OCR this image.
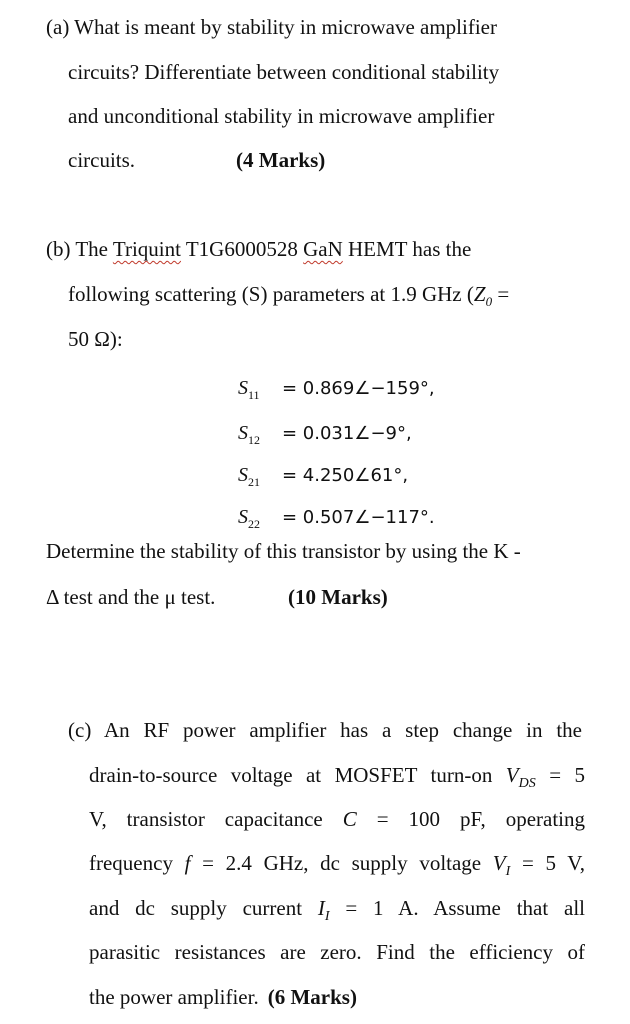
(a) What is meant by stability in microwave amplifier
circuits? Differentiate between conditional stability
and unconditional stability in microwave amplifier
circuits.	(4 Marks)
(b) The Triquint T1G6000528 GaN HEMT has the
following scattering (S) parameters at 1.9 GHz ($Z_0$ =
50 Ω):
$S_{11}$ = 0.869∠−159°,
$S_{12}$ = 0.031∠−9°,
$S_{21}$ = 4.250∠61°,
$S_{22}$ = 0.507∠−117°.
Determine the stability of this transistor by using the K -
Δ test and the μ test.	(10 Marks)
(c) An RF power amplifier has a step change in the
drain-to-source voltage at MOSFET turn-on $V_{DS} = 5$
V, transistor capacitance C = 100 pF, operating
frequency f = 2.4 GHz, dc supply voltage $V_I = 5$ V,
and dc supply current $I_I = 1$ A. Assume that all
parasitic resistances are zero. Find the efficiency of
the power amplifier. (6 Marks)
